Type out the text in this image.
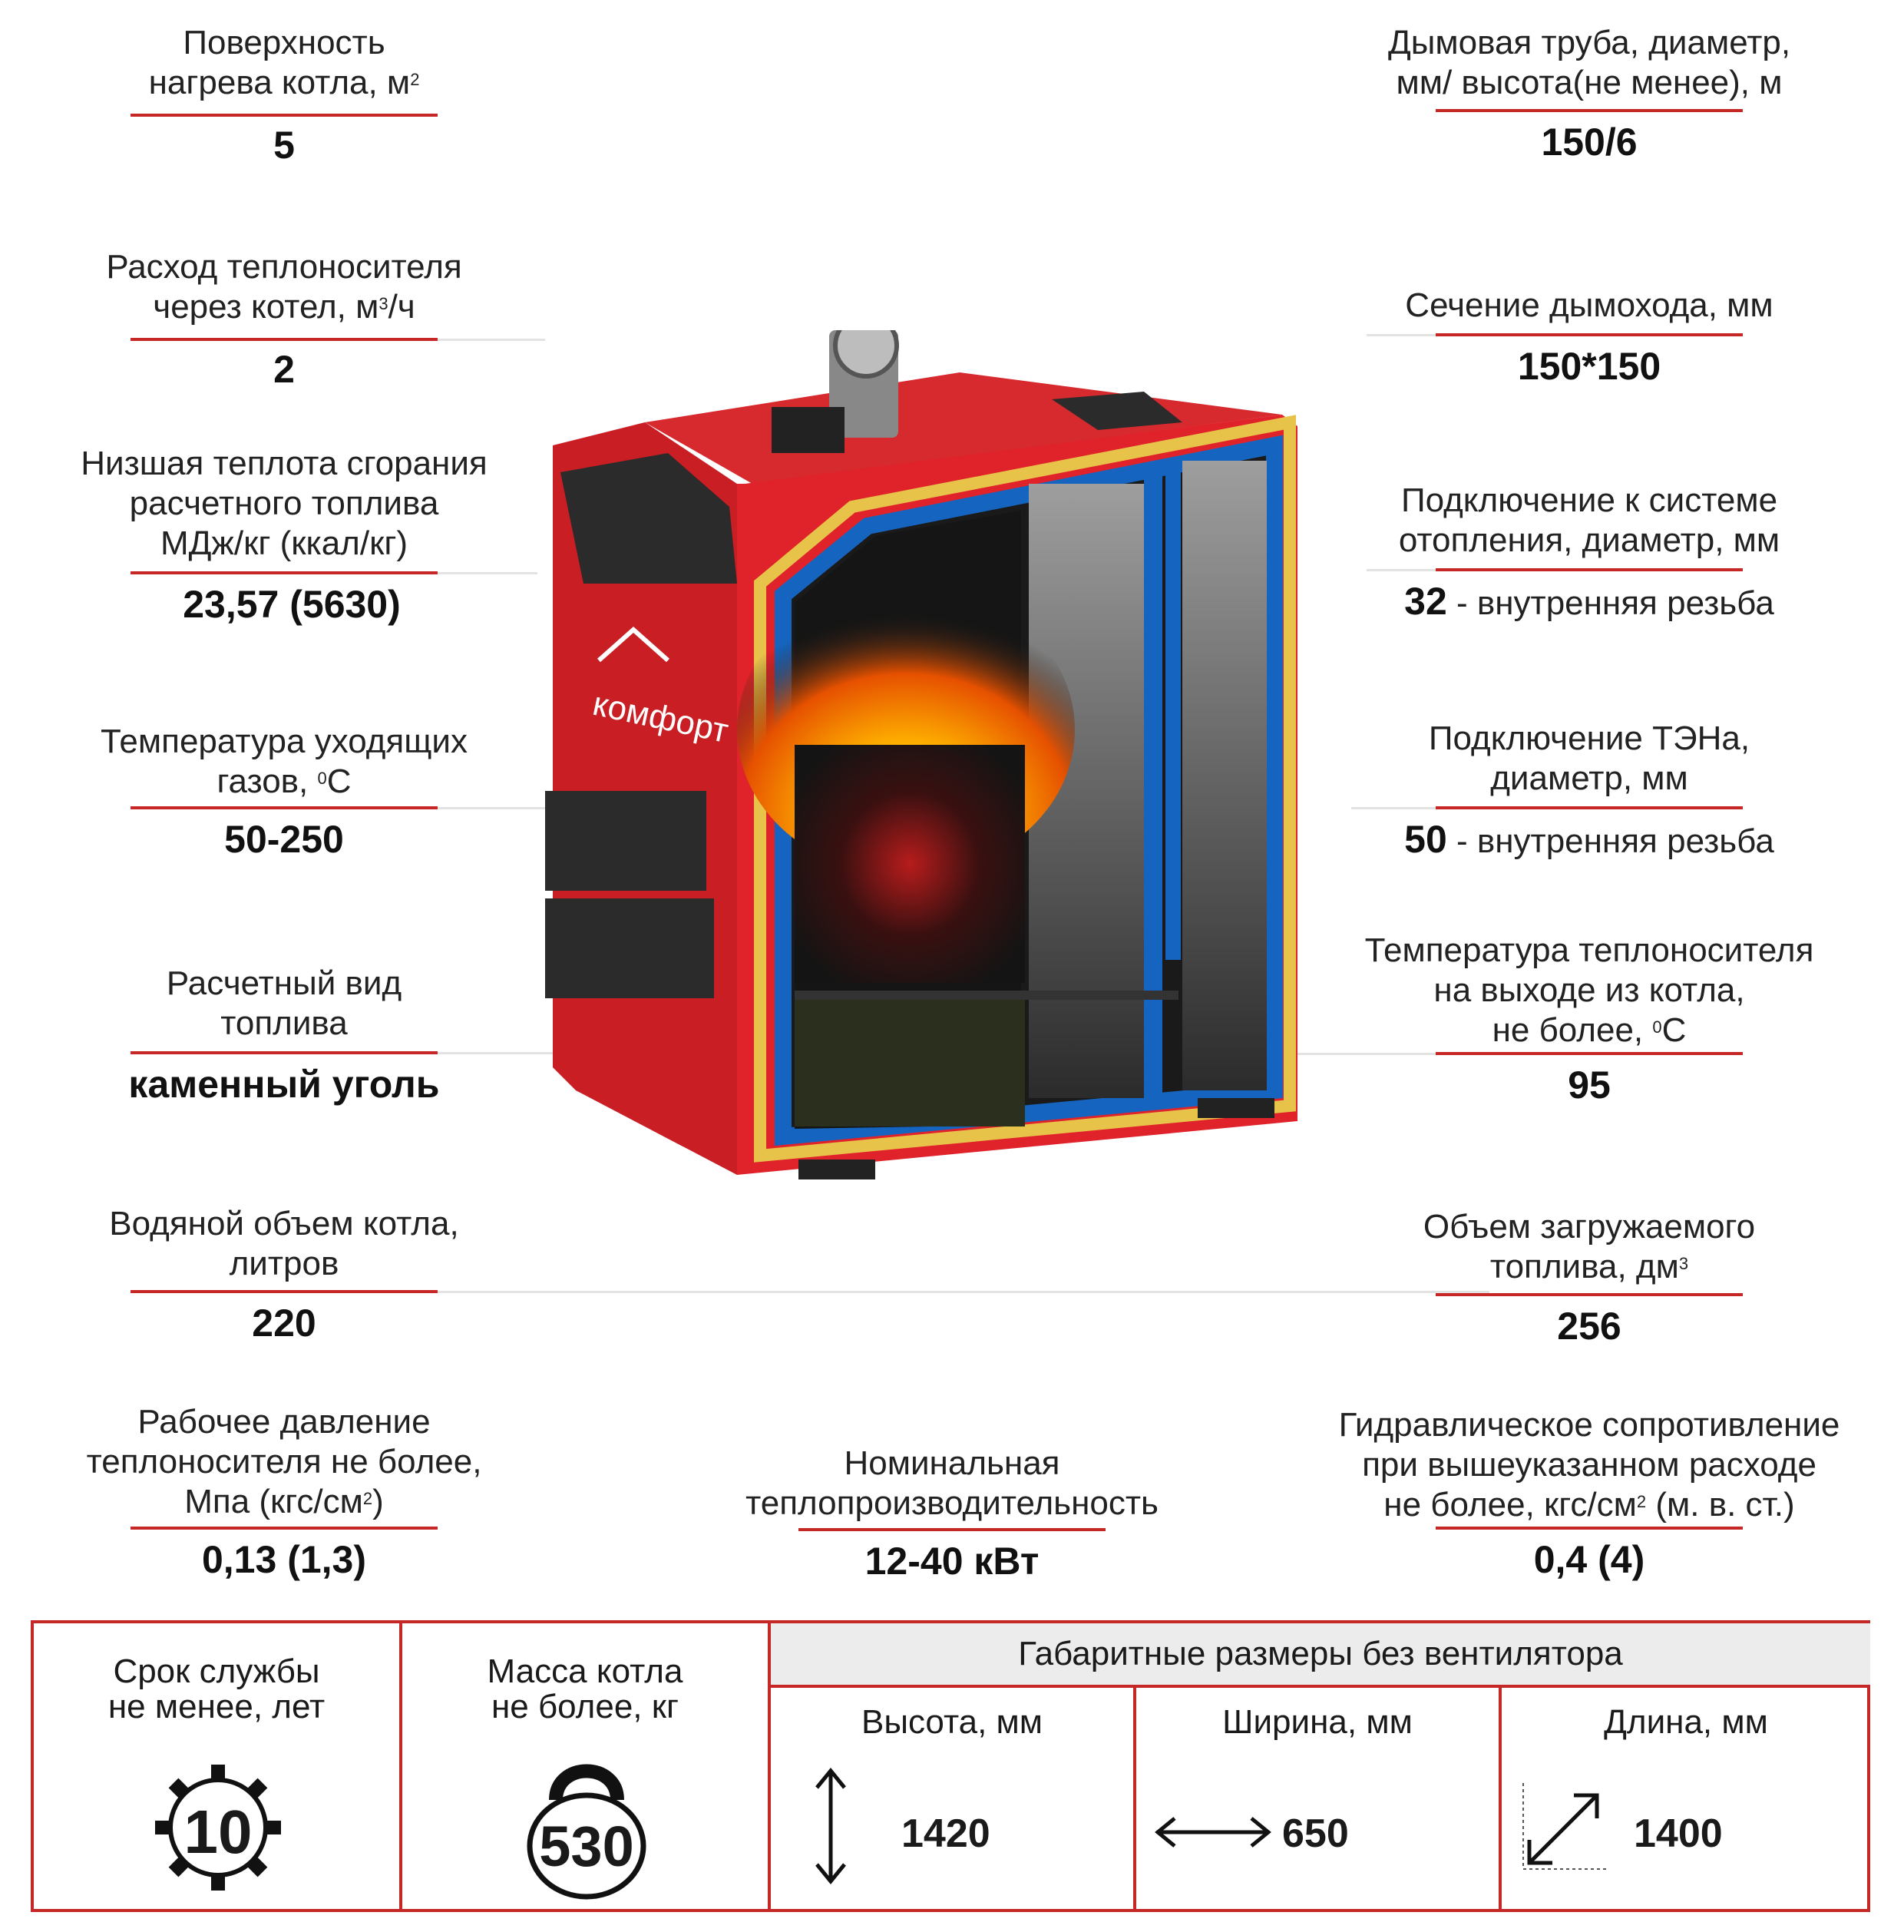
Поверхность
нагрева котла, $м^2$
5
Расход теплоносителя
через котел, $м^3/ч$
2
Низшая теплота сгорания
расчетного топлива
МДж/кг (ккал/кг)
23,57 (5630)
Температура уходящих
газов, $^0$С
50-250
Расчетный вид
топлива
каменный уголь
Водяной объем котла,
литров
220
Рабочее давление
теплоносителя не более,
Мпа $(кгс/см^2)$
0,13 (1,3)
Номинальная
теплопроизводительность
12-40 кВт
Дымовая труба, диаметр,
мм/ высота(не менее), м
150/6
Сечение дымохода, мм
150*150
Подключение к системе
отопления, диаметр, мм
32 - внутренняя резьба
Подключение ТЭНа,
диаметр, мм
50 - внутренняя резьба
Температура теплоносителя
на выходе из котла,
не более, $^0$С
95
Объем загружаемого
топлива, $дм^3$
256
Гидравлическое сопротивление
при вышеуказанном расходе
не более, кгс/$см^2$ (м. в. ст.)
0,4 (4)
комфорт
Срок службы
не менее, лет
10
Масса котла
не более, кг
530
Габаритные размеры без вентилятора
Высота, мм
1420
Ширина, мм
650
Длина, мм
1400
